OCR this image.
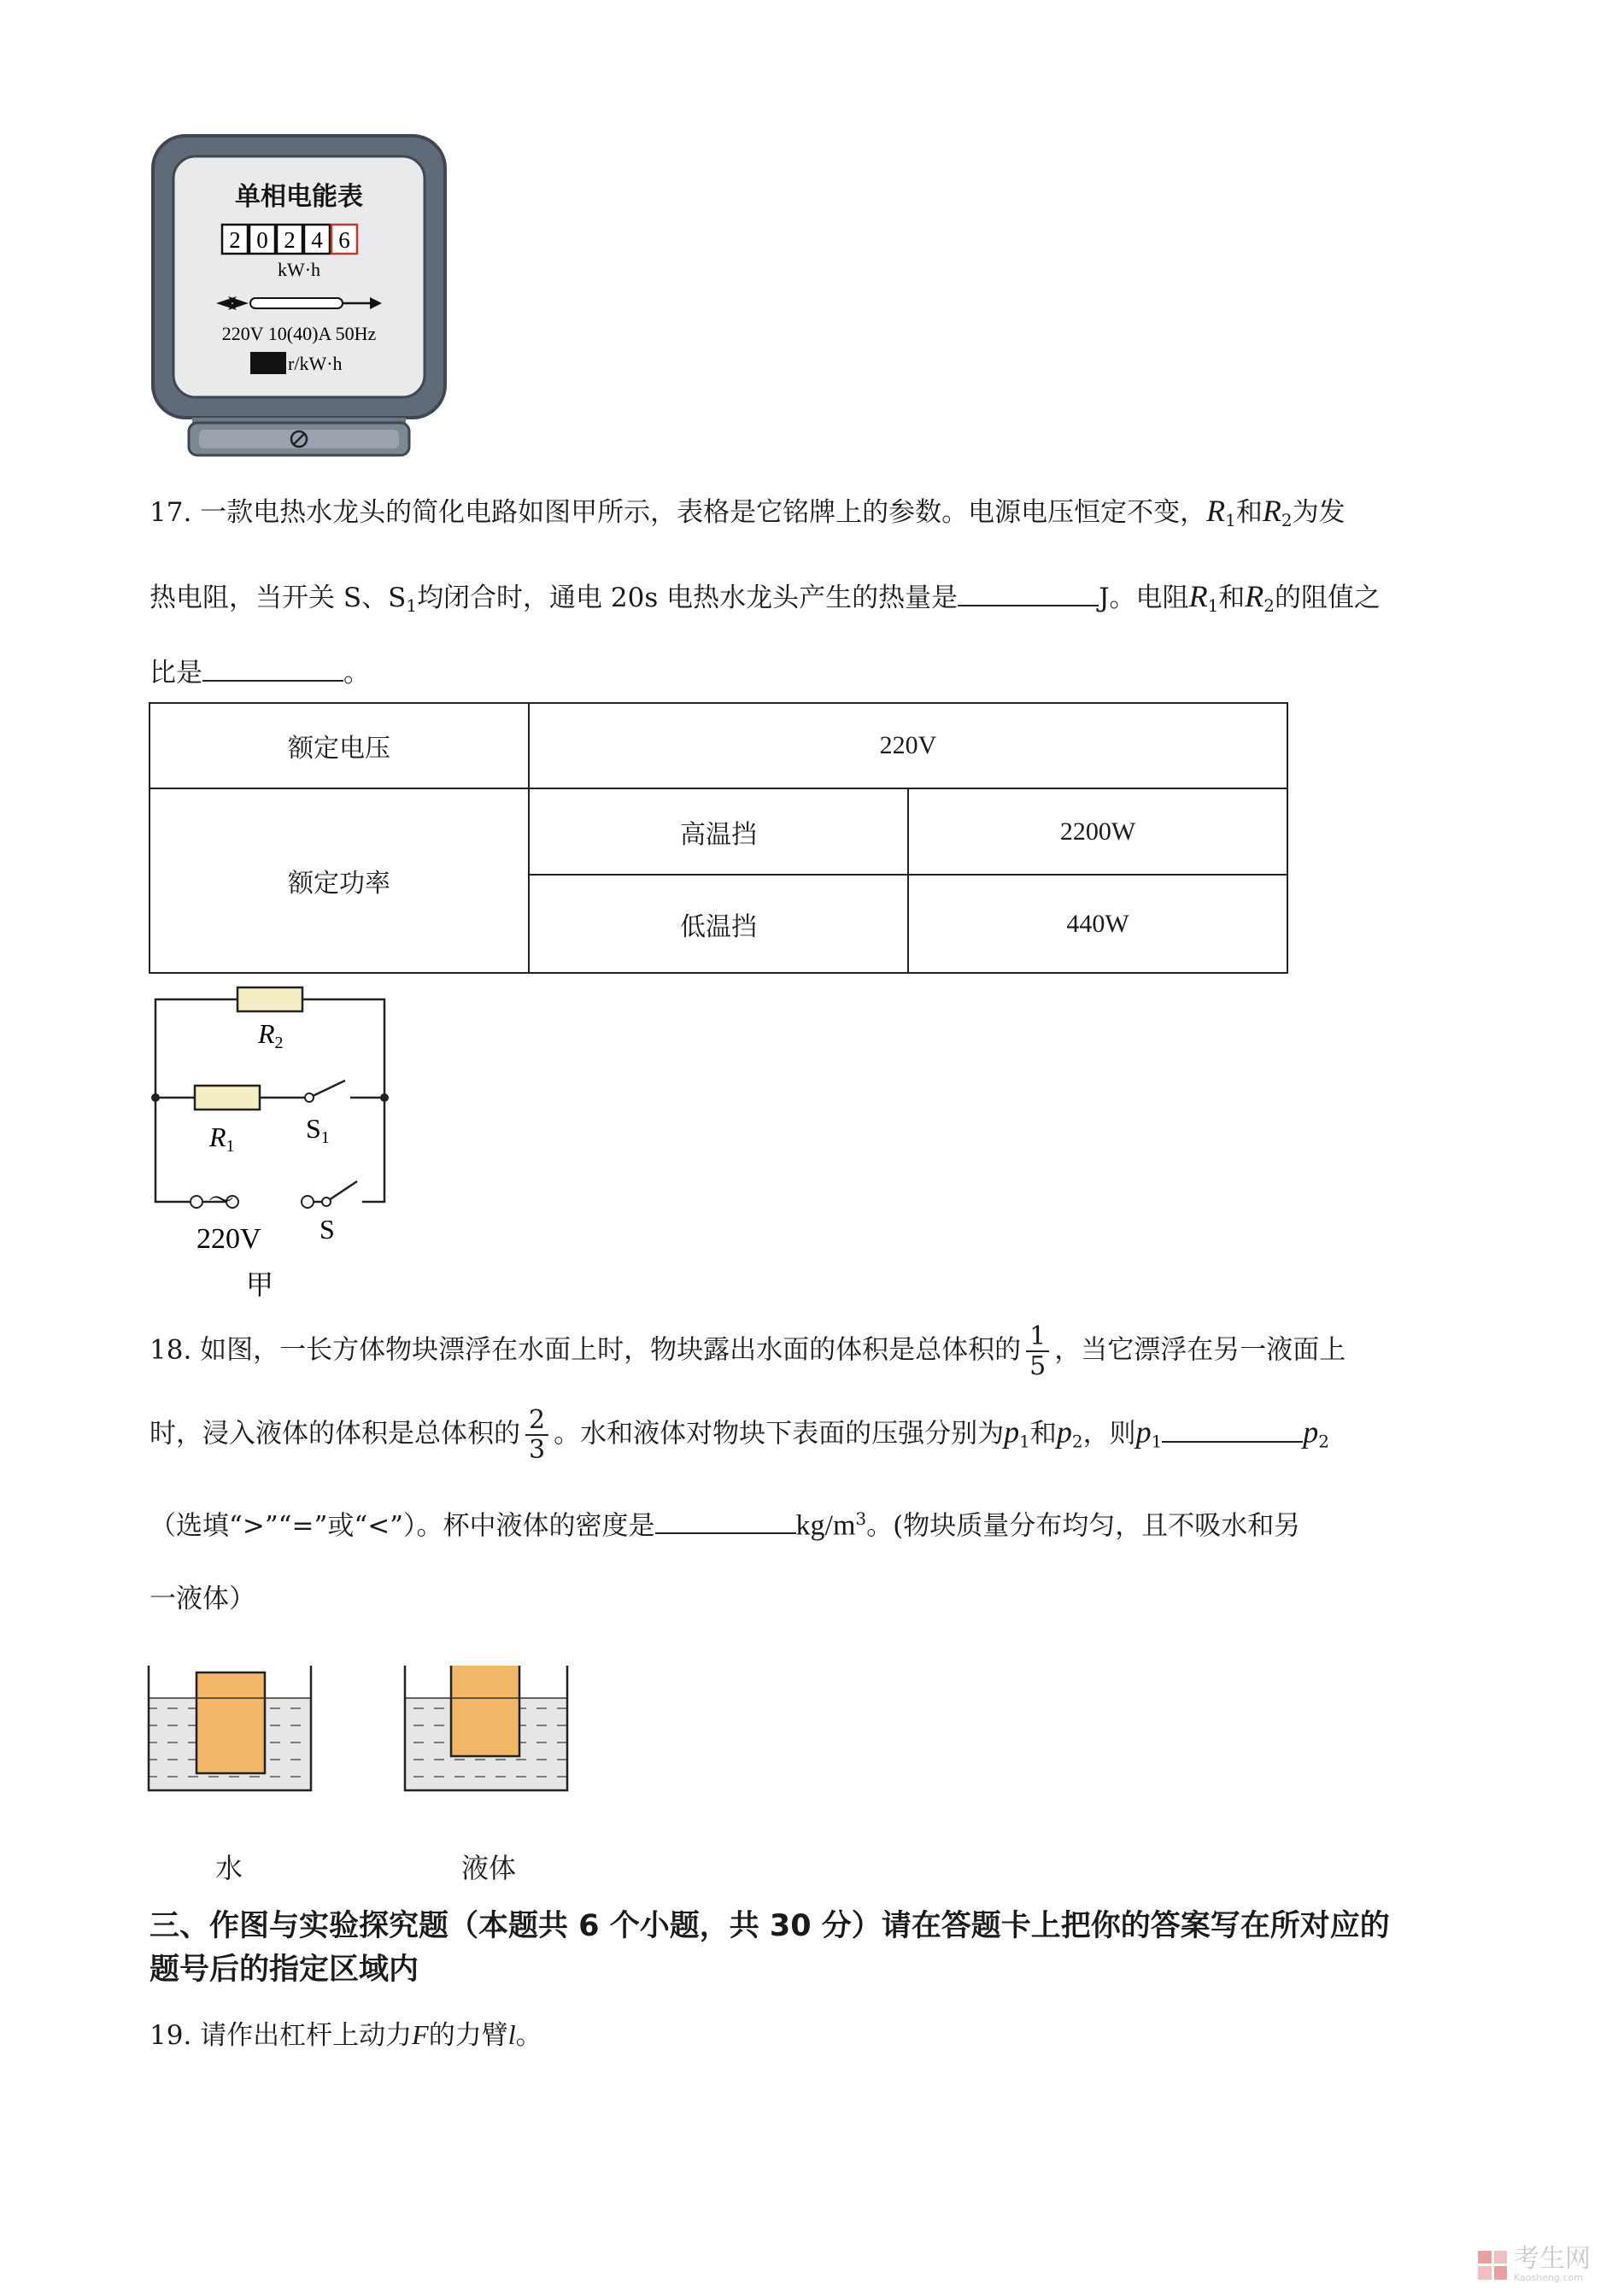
单相电能表
2 0 2 4 6
kW·h
220V 10(40)A 50Hz
r/kW·h
17. 一款电热水龙头的简化电路如图甲所示，表格是它铭牌上的参数。电源电压恒定不变，$R_1$和$R_2$为发
热电阻，当开关 S、$S_1$均闭合时，通电 20s 电热水龙头产生的热量是	J。电阻$R_1$和$R_2$的阻值之
比是	。
额定电压	220V	
额定功率	高温挡	2200W
	低温挡	440W
R2
R1
S1
～
220V S
甲
18. 如图，一长方体物块漂浮在水面上时，物块露出水面的体积是总体积的 $\frac{1}{5}$ ，当它漂浮在另一液面上
时，浸入液体的体积是总体积的 $\frac{2}{3}$ 。水和液体对物块下表面的压强分别为$p_1$和$p_2$，则$p_1$	$p_2$
（选填“>”“=”或“<”）。杯中液体的密度是	$kg/m^3$。(物块质量分布均匀，且不吸水和另
一液体）
水	液体
三、作图与实验探究题（本题共 6 个小题，共 30 分）请在答题卡上把你的答案写在所对应的
题号后的指定区域内
19. 请作出杠杆上动力F的力臂l。
考生网
Kaosheng.com
